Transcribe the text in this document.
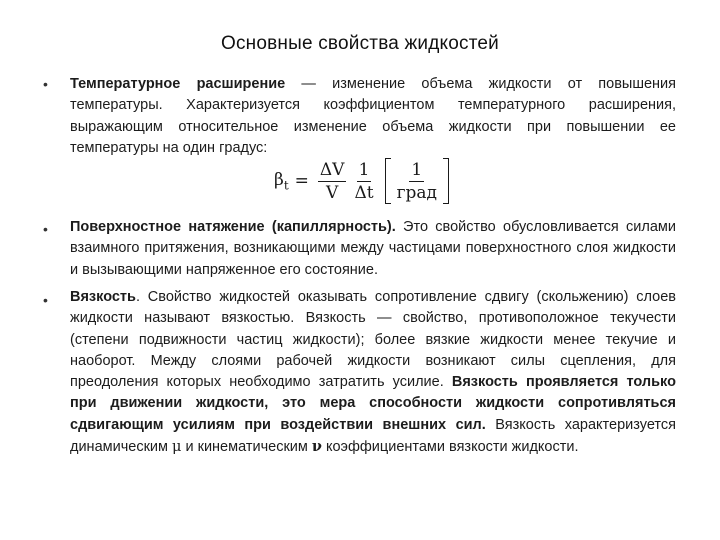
Основные свойства жидкостей
• Температурное расширение — изменение объема жидкости от повышения температуры. Характеризуется коэффициентом температурного расширения, выражающим относительное изменение объема жидкости при повышении ее температуры на один градус:
$\beta_t = \frac{\Delta V}{V} \frac{1}{\Delta t} \frac{1}{\text{град}}$
• Поверхностное натяжение (капиллярность). Это свойство обусловливается силами взаимного притяжения, возникающими между частицами поверхностного слоя жидкости и вызывающими напряженное его состояние.
• Вязкость. Свойство жидкостей оказывать сопротивление сдвигу (скольжению) слоев жидкости называют вязкостью. Вязкость — свойство, противоположное текучести (степени подвижности частиц жидкости); более вязкие жидкости менее текучие и наоборот. Между слоями рабочей жидкости возникают силы сцепления, для преодоления которых необходимо затратить усилие. Вязкость проявляется только при движении жидкости, это мера способности жидкости сопротивляться сдвигающим усилиям при воздействии внешних сил. Вязкость характеризуется динамическим μ и кинематическим ν коэффициентами вязкости жидкости.
